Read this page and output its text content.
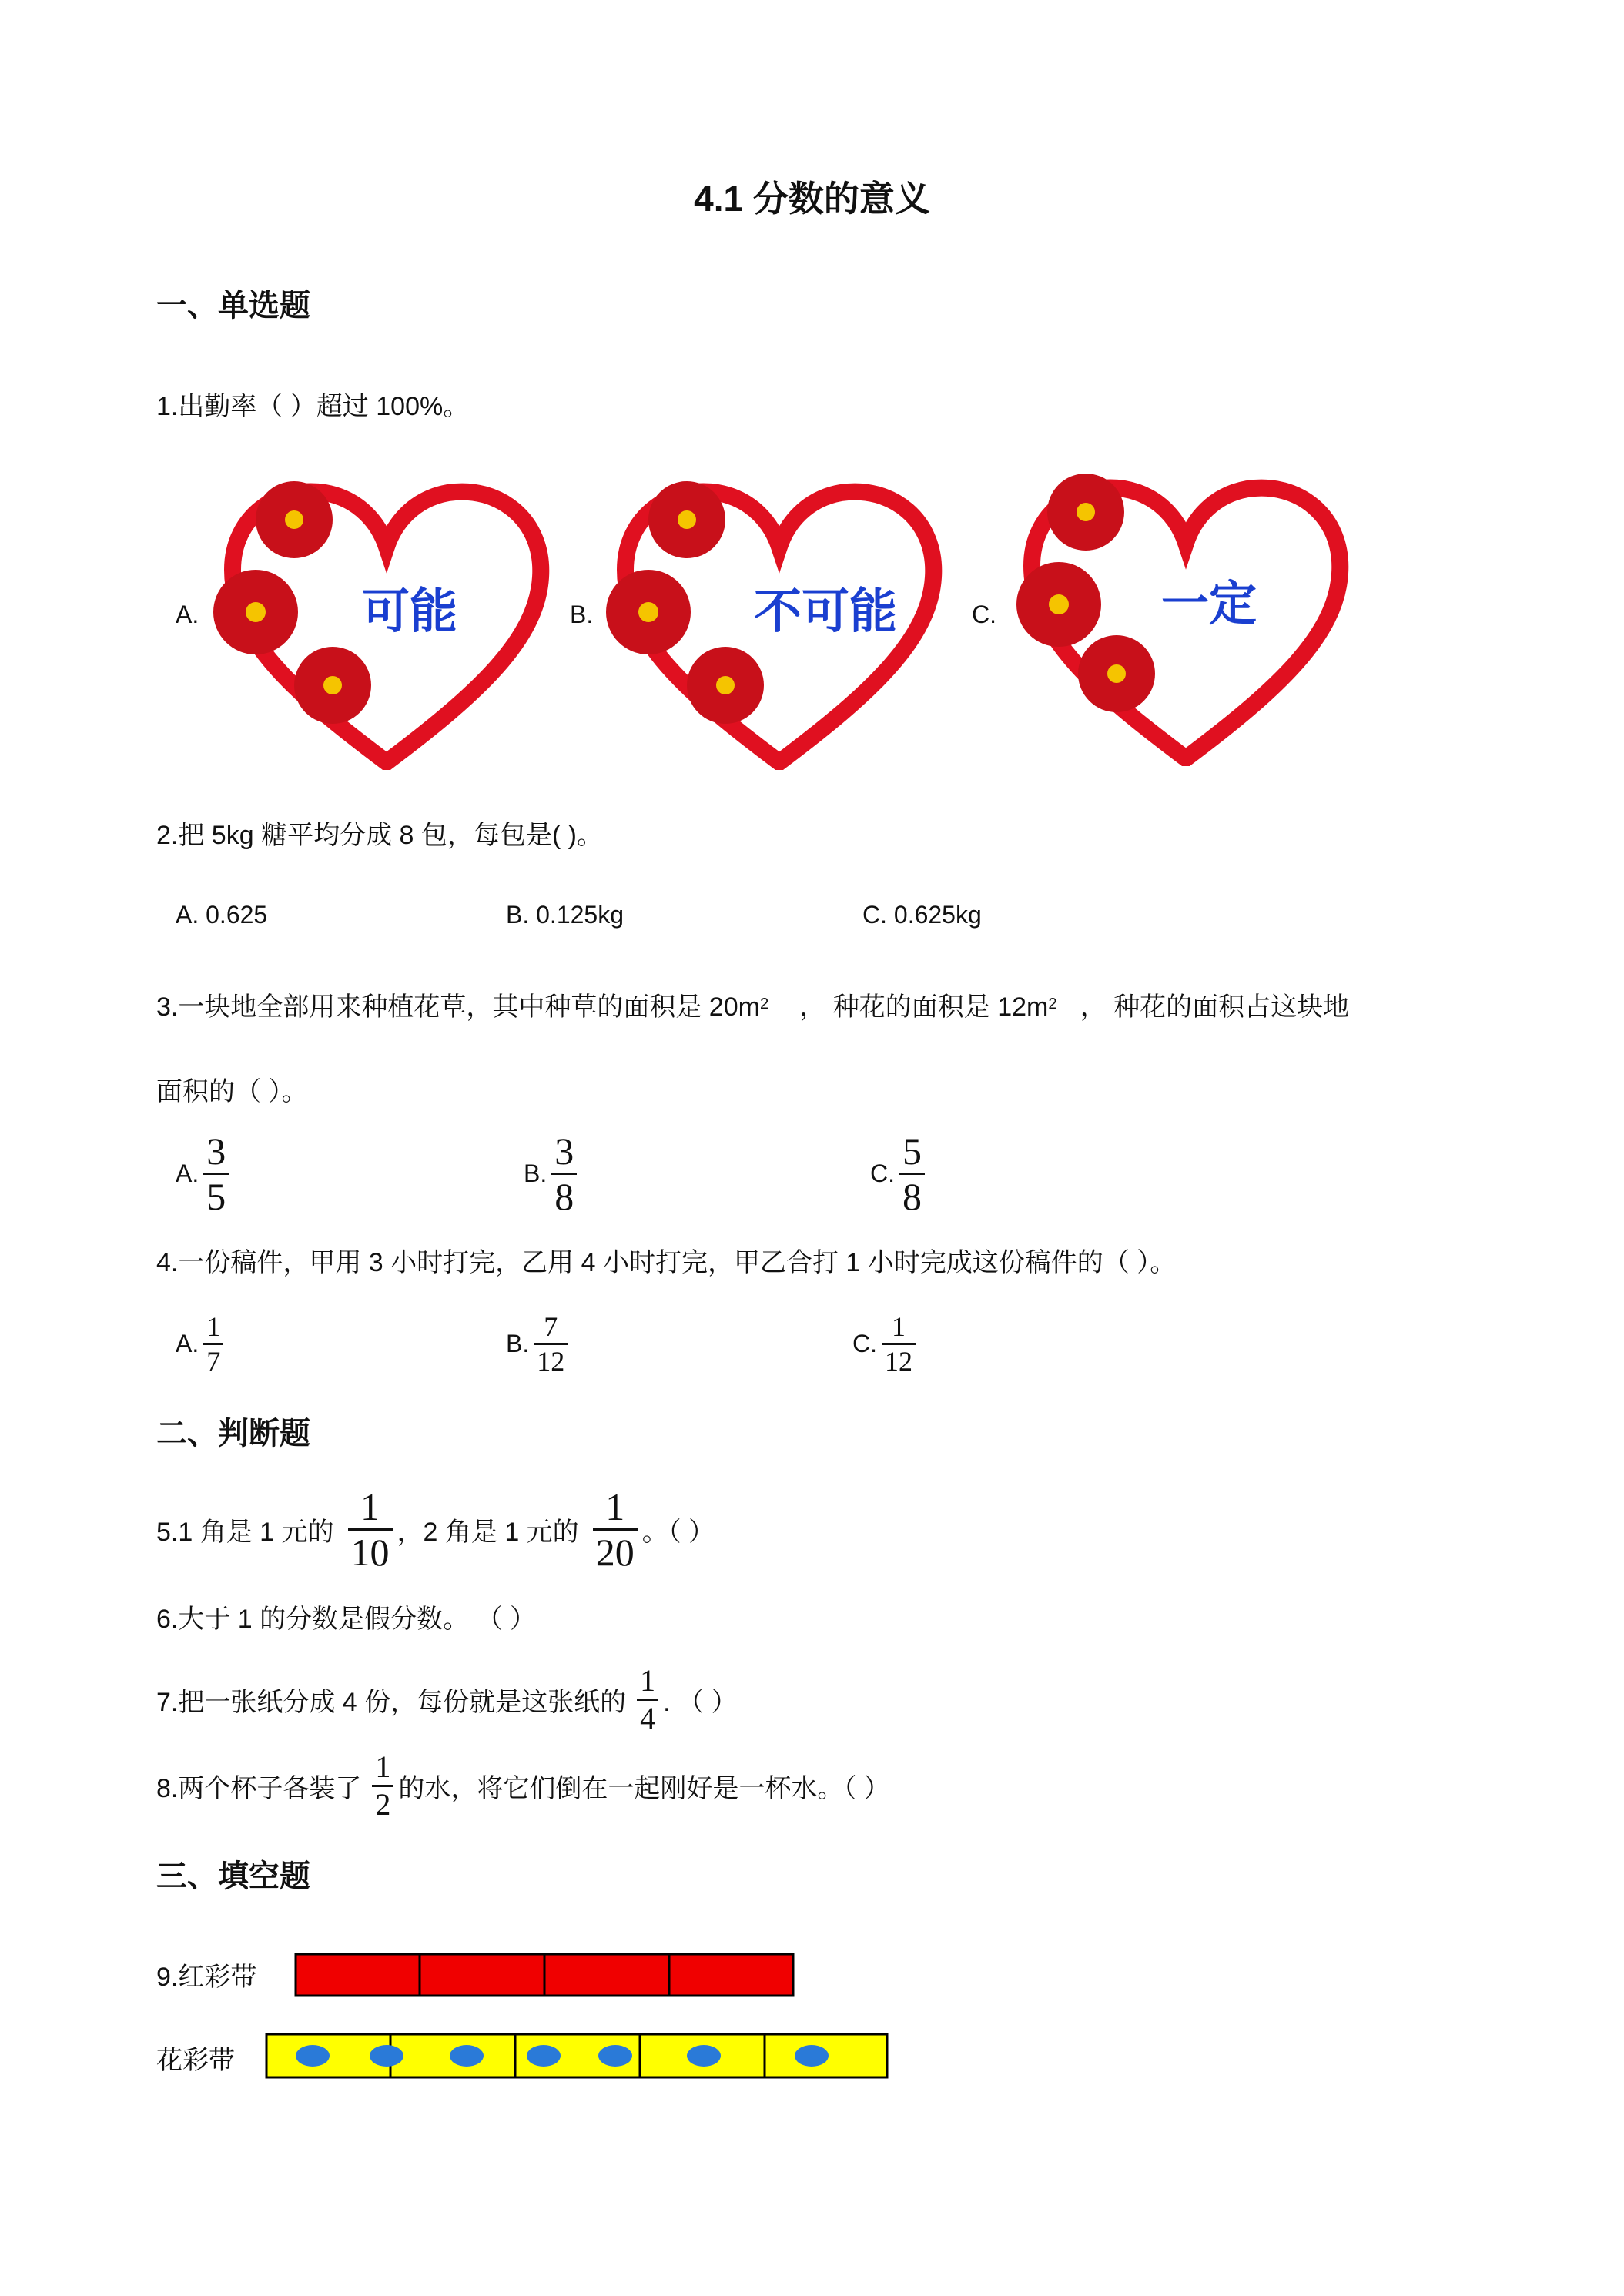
4.1 分数的意义
一、单选题
1.出勤率（ ）超过 100%。
A.	可能	B.	不可能	C.	一定
2.把 5kg 糖平均分成 8 包，每包是( )。
A. 0.625	B. 0.125kg	C. 0.625kg
3.一块地全部用来种植花草，其中种草的面积是 20m 2 ， 种花的面积是 12m 2 ， 种花的面积占这块地
面积的（ ）。
A. $\frac{3}{5}$	B. $\frac{3}{8}$	C. $\frac{5}{8}$
4.一份稿件，甲用 3 小时打完，乙用 4 小时打完，甲乙合打 1 小时完成这份稿件的（ ）。
A. $\frac{1}{7}$	B. $\frac{7}{12}$	C. $\frac{1}{12}$
二、判断题
5.1 角是 1 元的 $\frac{1}{10}$ ，2 角是 1 元的 $\frac{1}{20}$ 。（ ）
6.大于 1 的分数是假分数。 （ ）
7.把一张纸分成 4 份，每份就是这张纸的 $\frac{1}{4}$ . （ ）
8.两个杯子各装了 $\frac{1}{2}$ 的水，将它们倒在一起刚好是一杯水。（ ）
三、填空题
9.红彩带
花彩带
